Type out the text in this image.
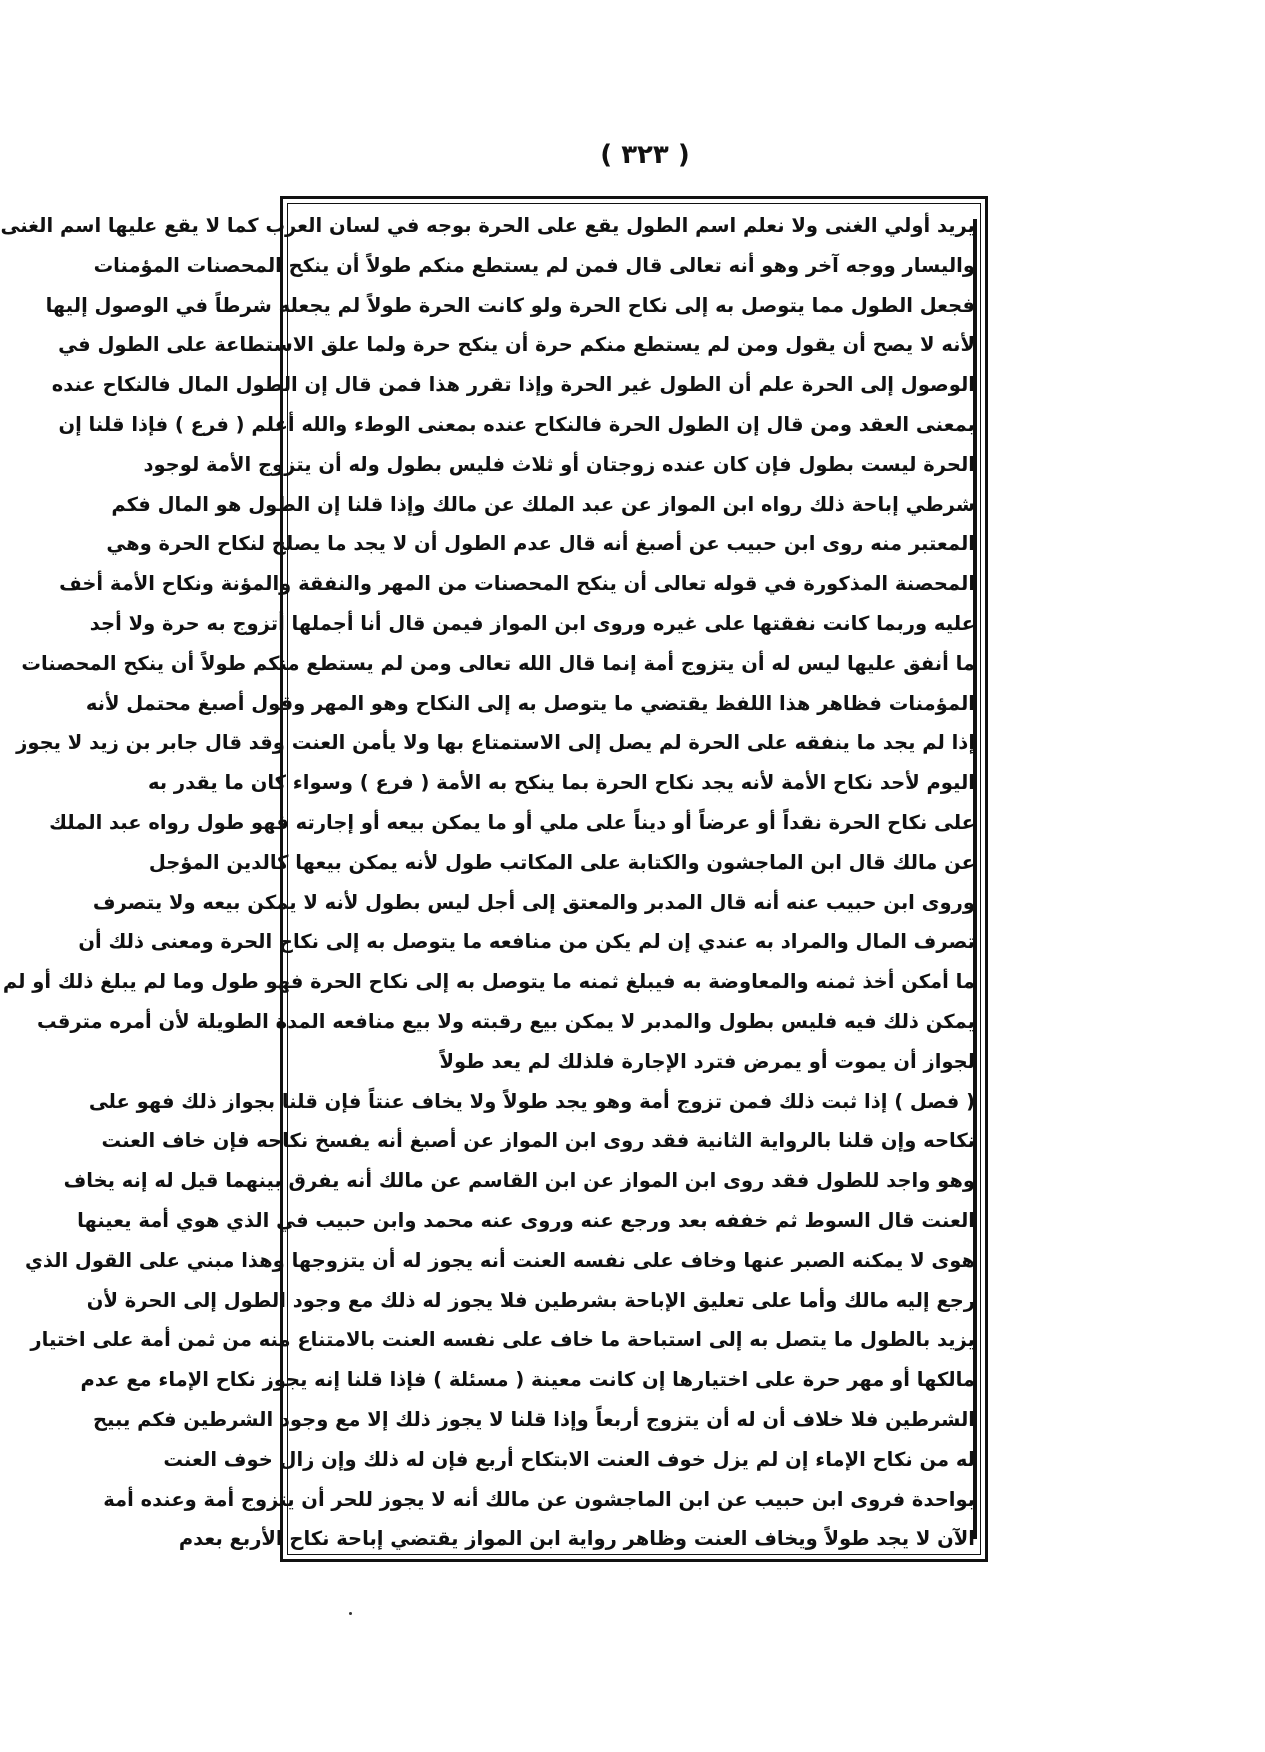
( ٣٢٣ )
يريد أولي الغنى ولا نعلم اسم الطول يقع على الحرة بوجه في لسان العرب كما لا يقع عليها اسم الغنى
واليسار ووجه آخر وهو أنه تعالى قال فمن لم يستطع منكم طولاً أن ينكح المحصنات المؤمنات
فجعل الطول مما يتوصل به إلى نكاح الحرة ولو كانت الحرة طولاً لم يجعله شرطاً في الوصول إليها
لأنه لا يصح أن يقول ومن لم يستطع منكم حرة أن ينكح حرة ولما علق الاستطاعة على الطول في
الوصول إلى الحرة علم أن الطول غير الحرة وإذا تقرر هذا فمن قال إن الطول المال فالنكاح عنده
بمعنى العقد ومن قال إن الطول الحرة فالنكاح عنده بمعنى الوطء والله أعلم ( فرع ) فإذا قلنا إن
الحرة ليست بطول فإن كان عنده زوجتان أو ثلاث فليس بطول وله أن يتزوج الأمة لوجود
شرطي إباحة ذلك رواه ابن المواز عن عبد الملك عن مالك وإذا قلنا إن الطول هو المال فكم
المعتبر منه روى ابن حبيب عن أصبغ أنه قال عدم الطول أن لا يجد ما يصلح لنكاح الحرة وهي
المحصنة المذكورة في قوله تعالى أن ينكح المحصنات من المهر والنفقة والمؤنة ونكاح الأمة أخف
عليه وربما كانت نفقتها على غيره وروى ابن المواز فيمن قال أنا أجملها أتزوج به حرة ولا أجد
ما أنفق عليها ليس له أن يتزوج أمة إنما قال الله تعالى ومن لم يستطع منكم طولاً أن ينكح المحصنات
المؤمنات فظاهر هذا اللفظ يقتضي ما يتوصل به إلى النكاح وهو المهر وقول أصبغ محتمل لأنه
إذا لم يجد ما ينفقه على الحرة لم يصل إلى الاستمتاع بها ولا يأمن العنت وقد قال جابر بن زيد لا يجوز
اليوم لأحد نكاح الأمة لأنه يجد نكاح الحرة بما ينكح به الأمة ( فرع ) وسواء كان ما يقدر به
على نكاح الحرة نقداً أو عرضاً أو ديناً على ملي أو ما يمكن بيعه أو إجارته فهو طول رواه عبد الملك
عن مالك قال ابن الماجشون والكتابة على المكاتب طول لأنه يمكن بيعها كالدين المؤجل
وروى ابن حبيب عنه أنه قال المدبر والمعتق إلى أجل ليس بطول لأنه لا يمكن بيعه ولا يتصرف
تصرف المال والمراد به عندي إن لم يكن من منافعه ما يتوصل به إلى نكاح الحرة ومعنى ذلك أن
ما أمكن أخذ ثمنه والمعاوضة به فيبلغ ثمنه ما يتوصل به إلى نكاح الحرة فهو طول وما لم يبلغ ذلك أو لم
يمكن ذلك فيه فليس بطول والمدبر لا يمكن بيع رقبته ولا بيع منافعه المدة الطويلة لأن أمره مترقب
لجواز أن يموت أو يمرض فترد الإجارة فلذلك لم يعد طولاً
( فصل ) إذا ثبت ذلك فمن تزوج أمة وهو يجد طولاً ولا يخاف عنتاً فإن قلنا بجواز ذلك فهو على
نكاحه وإن قلنا بالرواية الثانية فقد روى ابن المواز عن أصبغ أنه يفسخ نكاحه فإن خاف العنت
وهو واجد للطول فقد روى ابن المواز عن ابن القاسم عن مالك أنه يفرق بينهما قيل له إنه يخاف
العنت قال السوط ثم خففه بعد ورجع عنه وروى عنه محمد وابن حبيب في الذي هوي أمة يعينها
هوى لا يمكنه الصبر عنها وخاف على نفسه العنت أنه يجوز له أن يتزوجها وهذا مبني على القول الذي
رجع إليه مالك وأما على تعليق الإباحة بشرطين فلا يجوز له ذلك مع وجود الطول إلى الحرة لأن
يزيد بالطول ما يتصل به إلى استباحة ما خاف على نفسه العنت بالامتناع منه من ثمن أمة على اختيار
مالكها أو مهر حرة على اختيارها إن كانت معينة ( مسئلة ) فإذا قلنا إنه يجوز نكاح الإماء مع عدم
الشرطين فلا خلاف أن له أن يتزوج أربعاً وإذا قلنا لا يجوز ذلك إلا مع وجود الشرطين فكم يبيح
له من نكاح الإماء إن لم يزل خوف العنت الابتكاح أربع فإن له ذلك وإن زال خوف العنت
بواحدة فروى ابن حبيب عن ابن الماجشون عن مالك أنه لا يجوز للحر أن يتزوج أمة وعنده أمة
الآن لا يجد طولاً ويخاف العنت وظاهر رواية ابن المواز يقتضي إباحة نكاح الأربع بعدم
